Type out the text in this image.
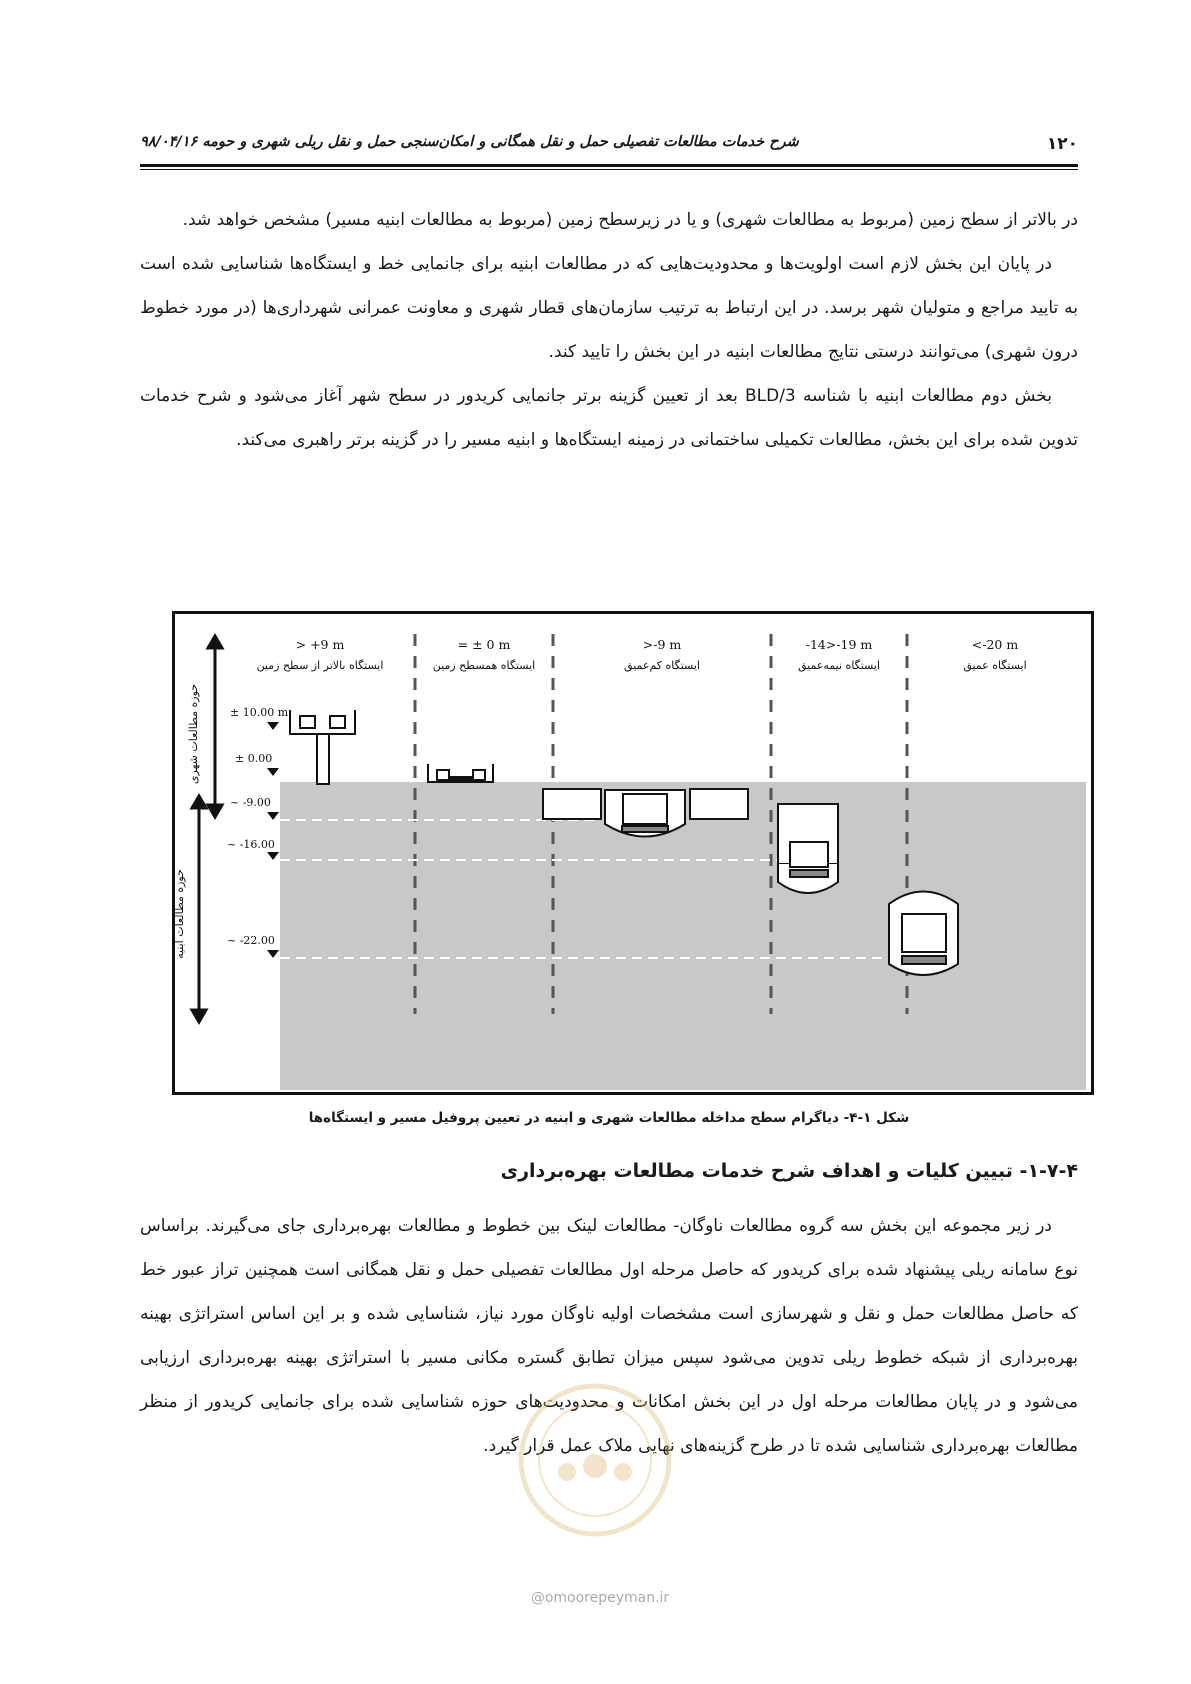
۱۲۰
شرح خدمات مطالعات تفصیلی حمل و نقل همگانی و امکان‌سنجی حمل و نقل ریلی شهری و حومه ۹۸/۰۴/۱۶

در بالاتر از سطح زمین (مربوط به مطالعات شهری) و یا در زیرسطح زمین (مربوط به مطالعات ابنیه مسیر) مشخص خواهد شد.

در پایان این بخش لازم است اولویت‌ها و محدودیت‌هایی که در مطالعات ابنیه برای جانمایی خط و ایستگاه‌ها شناسایی شده است به تایید مراجع و متولیان شهر برسد. در این ارتباط به ترتیب سازمان‌های قطار شهری و معاونت عمرانی شهرداری‌ها (در مورد خطوط درون شهری) می‌توانند درستی نتایج مطالعات ابنیه در این بخش را تایید کند.

بخش دوم مطالعات ابنیه با شناسه BLD/3 بعد از تعیین گزینه برتر جانمایی کریدور در سطح شهر آغاز می‌شود و شرح خدمات تدوین شده برای این بخش، مطالعات تکمیلی ساختمانی در زمینه ایستگاه‌ها و ابنیه مسیر را در گزینه برتر راهبری می‌کند.

± 10.00 m
± 0.00
~ -9.00
~ -16.00
~ -22.00
حوزه مطالعات شهری
حوزه مطالعات ابنیه
> +9 m	= ± 0 m	>-9 m	-14>-19 m	<-20 m
ایستگاه بالاتر از سطح زمین	ایستگاه همسطح زمین	ایستگاه کم‌عمیق	ایستگاه نیمه‌عمیق	ایستگاه عمیق
شکل ۱-۴- دیاگرام سطح مداخله مطالعات شهری و ابنیه در تعیین پروفیل مسیر و ایستگاه‌ها
۱-۷-۴- تبیین کلیات و اهداف شرح خدمات مطالعات بهره‌برداری

در زیر مجموعه این بخش سه گروه مطالعات ناوگان- مطالعات لینک بین خطوط و مطالعات بهره‌برداری جای می‌گیرند. براساس نوع سامانه ریلی پیشنهاد شده برای کریدور که حاصل مرحله اول مطالعات تفصیلی حمل و نقل همگانی است همچنین تراز عبور خط که حاصل مطالعات حمل و نقل و شهرسازی است مشخصات اولیه ناوگان مورد نیاز، شناسایی شده و بر این اساس استراتژی بهینه بهره‌برداری از شبکه خطوط ریلی تدوین می‌شود سپس میزان تطابق گستره مکانی مسیر با استراتژی بهینه بهره‌برداری ارزیابی می‌شود و در پایان مطالعات مرحله اول در این بخش امکانات و محدودیت‌های حوزه شناسایی شده برای جانمایی کریدور از منظر مطالعات بهره‌برداری شناسایی شده تا در طرح گزینه‌های نهایی ملاک عمل قرار گیرد.

@omoorepeyman.ir
